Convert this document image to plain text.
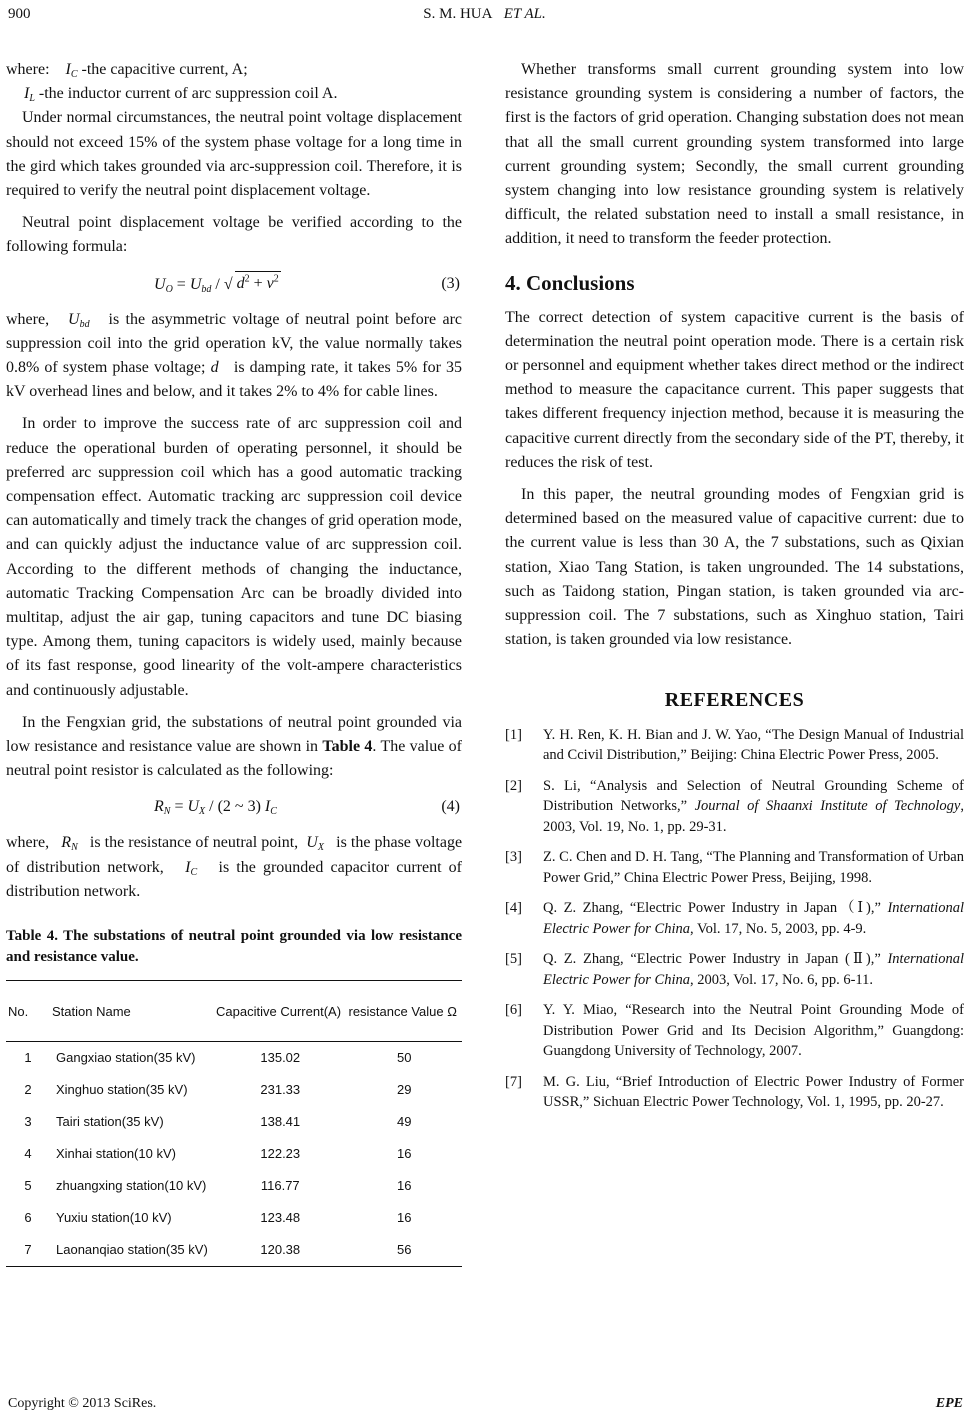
900	S. M. HUA ET AL.

where: $I_C$ -the capacitive current, A;

$I_L$ -the inductor current of arc suppression coil A.

Under normal circumstances, the neutral point voltage displacement should not exceed 15% of the system phase voltage for a long time in the gird which takes grounded via arc-suppression coil. Therefore, it is required to verify the neutral point displacement voltage.

Neutral point displacement voltage be verified according to the following formula:

$U_O = U_{bd}$ / √ $d^2 + v^2$	(3)

where, $U_{bd}$ is the asymmetric voltage of neutral point before arc suppression coil into the grid operation kV, the value normally takes 0.8% of system phase voltage; d is damping rate, it takes 5% for 35 kV overhead lines and below, and it takes 2% to 4% for cable lines.

In order to improve the success rate of arc suppression coil and reduce the operational burden of operating personnel, it should be preferred arc suppression coil which has a good automatic tracking compensation effect. Automatic tracking arc suppression coil device can automatically and timely track the changes of grid operation mode, and can quickly adjust the inductance value of arc suppression coil. According to the different methods of changing the inductance, automatic Tracking Compensation Arc can be broadly divided into multitap, adjust the air gap, tuning capacitors and tune DC biasing type. Among them, tuning capacitors is widely used, mainly because of its fast response, good linearity of the volt-ampere characteristics and continuously adjustable.

In the Fengxian grid, the substations of neutral point grounded via low resistance and resistance value are shown in Table 4. The value of neutral point resistor is calculated as the following:

$R_N = U_X / (2$ ~ 3) $I_C$	(4)

where, $R_N$ is the resistance of neutral point, $U_X$ is the phase voltage of distribution network, $I_C$ is the grounded capacitor current of distribution network.

Table 4. The substations of neutral point grounded via low resistance and resistance value.

No.	Station Name	Capacitive Current(A)	resistance Value Ω
1	Gangxiao station(35 kV)	135.02	50
2	Xinghuo station(35 kV)	231.33	29
3	Tairi station(35 kV)	138.41	49
4	Xinhai station(10 kV)	122.23	16
5	zhuangxing station(10 kV)	116.77	16
6	Yuxiu station(10 kV)	123.48	16
7	Laonanqiao station(35 kV)	120.38	56

Whether transforms small current grounding system into low resistance grounding system is considering a number of factors, the first is the factors of grid operation. Changing substation does not mean that all the small current grounding system transformed into large current grounding system; Secondly, the small current grounding system changing into low resistance grounding system is relatively difficult, the related substation need to install a small resistance, in addition, it need to transform the feeder protection.

4. Conclusions

The correct detection of system capacitive current is the basis of determination the neutral point operation mode. There is a certain risk or personnel and equipment whether takes direct method or the indirect method to measure the capacitance current. This paper suggests that takes different frequency injection method, because it is measuring the capacitive current directly from the secondary side of the PT, thereby, it reduces the risk of test.

In this paper, the neutral grounding modes of Fengxian grid is determined based on the measured value of capacitive current: due to the current value is less than 30 A, the 7 substations, such as Qixian station, Xiao Tang Station, is taken ungrounded. The 14 substations, such as Taidong station, Pingan station, is taken grounded via arc-suppression coil. The 7 substations, such as Xinghuo station, Tairi station, is taken grounded via low resistance.

REFERENCES
[1] Y. H. Ren, K. H. Bian and J. W. Yao, “The Design Manual of Industrial and Ccivil Distribution,” Beijing: China Electric Power Press, 2005.
[2] S. Li, “Analysis and Selection of Neutral Grounding Scheme of Distribution Networks,” Journal of Shaanxi Institute of Technology, 2003, Vol. 19, No. 1, pp. 29-31.
[3] Z. C. Chen and D. H. Tang, “The Planning and Transformation of Urban Power Grid,” China Electric Power Press, Beijing, 1998.
[4] Q. Z. Zhang, “Electric Power Industry in Japan（Ⅰ),” International Electric Power for China, Vol. 17, No. 5, 2003, pp. 4-9.
[5] Q. Z. Zhang, “Electric Power Industry in Japan (Ⅱ),” International Electric Power for China, 2003, Vol. 17, No. 6, pp. 6-11.
[6] Y. Y. Miao, “Research into the Neutral Point Grounding Mode of Distribution Power Grid and Its Decision Algorithm,” Guangdong: Guangdong University of Technology, 2007.
[7] M. G. Liu, “Brief Introduction of Electric Power Industry of Former USSR,” Sichuan Electric Power Technology, Vol. 1, 1995, pp. 20-27.
Copyright © 2013 SciRes.	EPE
